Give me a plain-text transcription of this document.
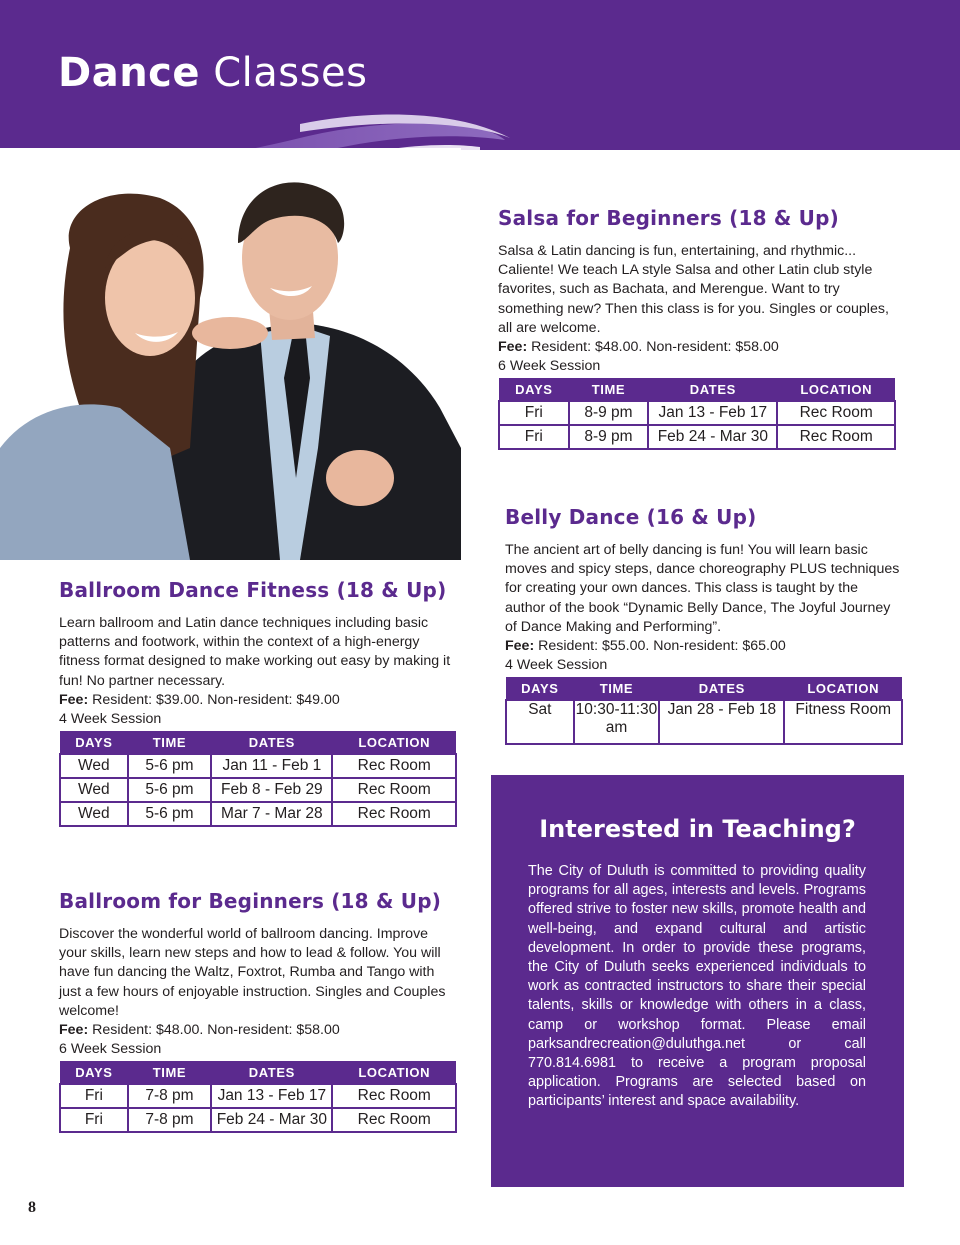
Dance Classes
Salsa for Beginners (18 & Up)

Salsa & Latin dancing is fun, entertaining, and rhythmic... Caliente! We teach LA style Salsa and other Latin club style favorites, such as Bachata, and Merengue. Want to try something new? Then this class is for you. Singles or couples, all are welcome.

Fee: Resident: $48.00. Non-resident: $58.00
6 Week Session
DAYS	TIME	DATES	LOCATION
Fri	8-9 pm	Jan 13 - Feb 17	Rec Room
Fri	8-9 pm	Feb 24 - Mar 30	Rec Room
Belly Dance (16 & Up)

The ancient art of belly dancing is fun! You will learn basic moves and spicy steps, dance choreography PLUS techniques for creating your own dances. This class is taught by the author of the book “Dynamic Belly Dance, The Joyful Journey of Dance Making and Performing”.

Fee: Resident: $55.00. Non-resident: $65.00
4 Week Session
DAYS	TIME	DATES	LOCATION
Sat	10:30-11:30 am	Jan 28 - Feb 18	Fitness Room
Ballroom Dance Fitness (18 & Up)

Learn ballroom and Latin dance techniques including basic patterns and footwork, within the context of a high-energy fitness format designed to make working out easy by making it fun! No partner necessary.

Fee: Resident: $39.00. Non-resident: $49.00
4 Week Session
DAYS	TIME	DATES	LOCATION
Wed	5-6 pm	Jan 11 - Feb 1	Rec Room
Wed	5-6 pm	Feb 8 - Feb 29	Rec Room
Wed	5-6 pm	Mar 7 - Mar 28	Rec Room
Ballroom for Beginners (18 & Up)

Discover the wonderful world of ballroom dancing. Improve your skills, learn new steps and how to lead & follow. You will have fun dancing the Waltz, Foxtrot, Rumba and Tango with just a few hours of enjoyable instruction. Singles and Couples welcome!

Fee: Resident: $48.00. Non-resident: $58.00
6 Week Session
DAYS	TIME	DATES	LOCATION
Fri	7-8 pm	Jan 13 - Feb 17	Rec Room
Fri	7-8 pm	Feb 24 - Mar 30	Rec Room
Interested in Teaching?

The City of Duluth is committed to providing quality programs for all ages, interests and levels. Programs offered strive to foster new skills, promote health and well-being, and expand cultural and artistic development. In order to provide these programs, the City of Duluth seeks experienced individuals to work as contracted instructors to share their special talents, skills or knowledge with others in a class, camp or workshop format. Please email parksandrecreation@duluthga.net or call 770.814.6981 to receive a program proposal application. Programs are selected based on participants’ interest and space availability.

8
